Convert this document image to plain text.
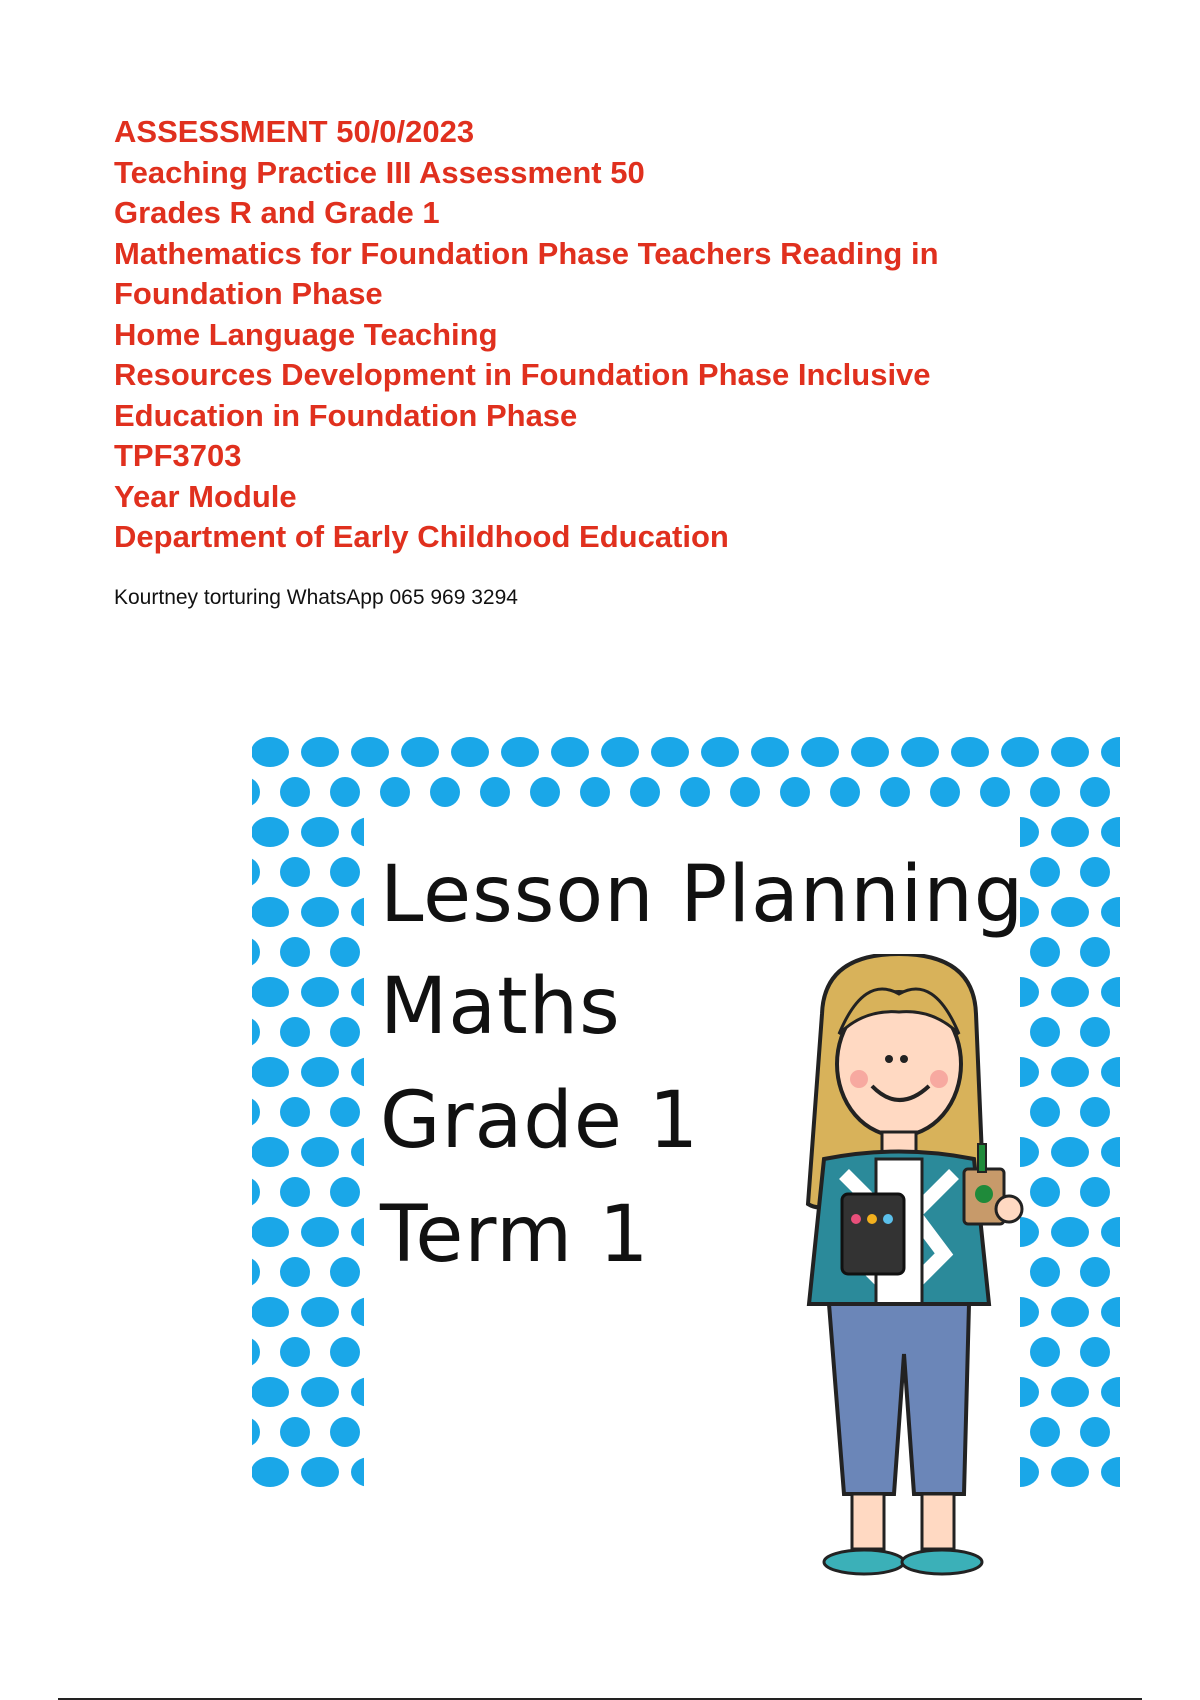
ASSESSMENT 50/0/2023
Teaching Practice III Assessment 50
Grades R and Grade 1
Mathematics for Foundation Phase Teachers Reading in
Foundation Phase
Home Language Teaching
Resources Development in Foundation Phase Inclusive
Education in Foundation Phase
TPF3703
Year Module
Department of Early Childhood Education
Kourtney torturing WhatsApp 065 969 3294
Lesson Planning
Maths
Grade 1
Term 1
